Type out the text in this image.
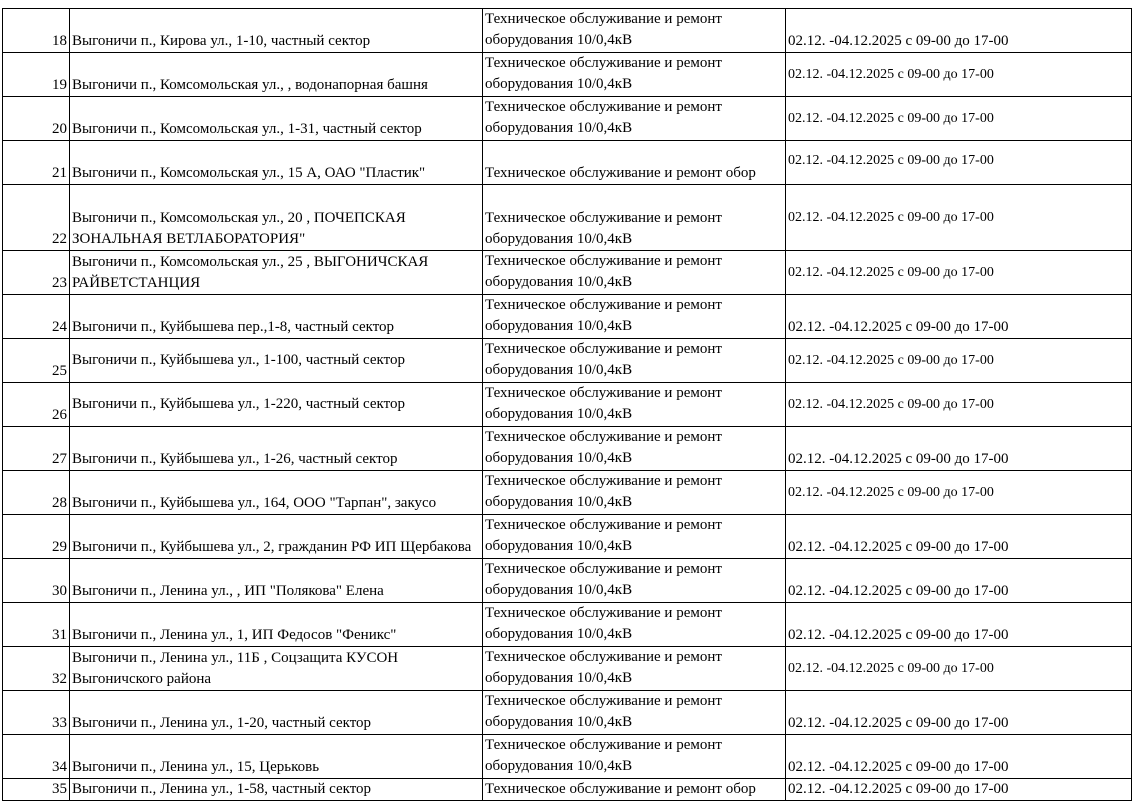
18	Выгоничи п., Кирова ул., 1-10, частный сектор	Техническое обслуживание и ремонт оборудования 10/0,4кВ	02.12. -04.12.2025 с 09-00 до 17-00
19	Выгоничи п., Комсомольская ул., , водонапорная башня	Техническое обслуживание и ремонт оборудования 10/0,4кВ	02.12. -04.12.2025 с 09-00 до 17-00
20	Выгоничи п., Комсомольская ул., 1-31, частный сектор	Техническое обслуживание и ремонт оборудования 10/0,4кВ	02.12. -04.12.2025 с 09-00 до 17-00
21	Выгоничи п., Комсомольская ул., 15 А, ОАО "Пластик"	Техническое обслуживание и ремонт обор	02.12. -04.12.2025 с 09-00 до 17-00
22	Выгоничи п., Комсомольская ул., 20 , ПОЧЕПСКАЯ ЗОНАЛЬНАЯ ВЕТЛАБОРАТОРИЯ"	Техническое обслуживание и ремонт оборудования 10/0,4кВ	02.12. -04.12.2025 с 09-00 до 17-00
23	Выгоничи п., Комсомольская ул., 25 , ВЫГОНИЧСКАЯ РАЙВЕТСТАНЦИЯ	Техническое обслуживание и ремонт оборудования 10/0,4кВ	02.12. -04.12.2025 с 09-00 до 17-00
24	Выгоничи п., Куйбышева пер.,1-8, частный сектор	Техническое обслуживание и ремонт оборудования 10/0,4кВ	02.12. -04.12.2025 с 09-00 до 17-00
25	Выгоничи п., Куйбышева ул., 1-100, частный сектор	Техническое обслуживание и ремонт оборудования 10/0,4кВ	02.12. -04.12.2025 с 09-00 до 17-00
26	Выгоничи п., Куйбышева ул., 1-220, частный сектор	Техническое обслуживание и ремонт оборудования 10/0,4кВ	02.12. -04.12.2025 с 09-00 до 17-00
27	Выгоничи п., Куйбышева ул., 1-26, частный сектор	Техническое обслуживание и ремонт оборудования 10/0,4кВ	02.12. -04.12.2025 с 09-00 до 17-00
28	Выгоничи п., Куйбышева ул., 164, ООО "Тарпан", закусо	Техническое обслуживание и ремонт оборудования 10/0,4кВ	02.12. -04.12.2025 с 09-00 до 17-00
29	Выгоничи п., Куйбышева ул., 2, гражданин РФ ИП Щербакова	Техническое обслуживание и ремонт оборудования 10/0,4кВ	02.12. -04.12.2025 с 09-00 до 17-00
30	Выгоничи п., Ленина ул., , ИП "Полякова" Елена	Техническое обслуживание и ремонт оборудования 10/0,4кВ	02.12. -04.12.2025 с 09-00 до 17-00
31	Выгоничи п., Ленина ул., 1, ИП Федосов "Феникс"	Техническое обслуживание и ремонт оборудования 10/0,4кВ	02.12. -04.12.2025 с 09-00 до 17-00
32	Выгоничи п., Ленина ул., 11Б , Соцзащита КУСОН Выгоничского района	Техническое обслуживание и ремонт оборудования 10/0,4кВ	02.12. -04.12.2025 с 09-00 до 17-00
33	Выгоничи п., Ленина ул., 1-20, частный сектор	Техническое обслуживание и ремонт оборудования 10/0,4кВ	02.12. -04.12.2025 с 09-00 до 17-00
34	Выгоничи п., Ленина ул., 15, Церьковь	Техническое обслуживание и ремонт оборудования 10/0,4кВ	02.12. -04.12.2025 с 09-00 до 17-00
35	Выгоничи п., Ленина ул., 1-58, частный сектор	Техническое обслуживание и ремонт обор	02.12. -04.12.2025 с 09-00 до 17-00
